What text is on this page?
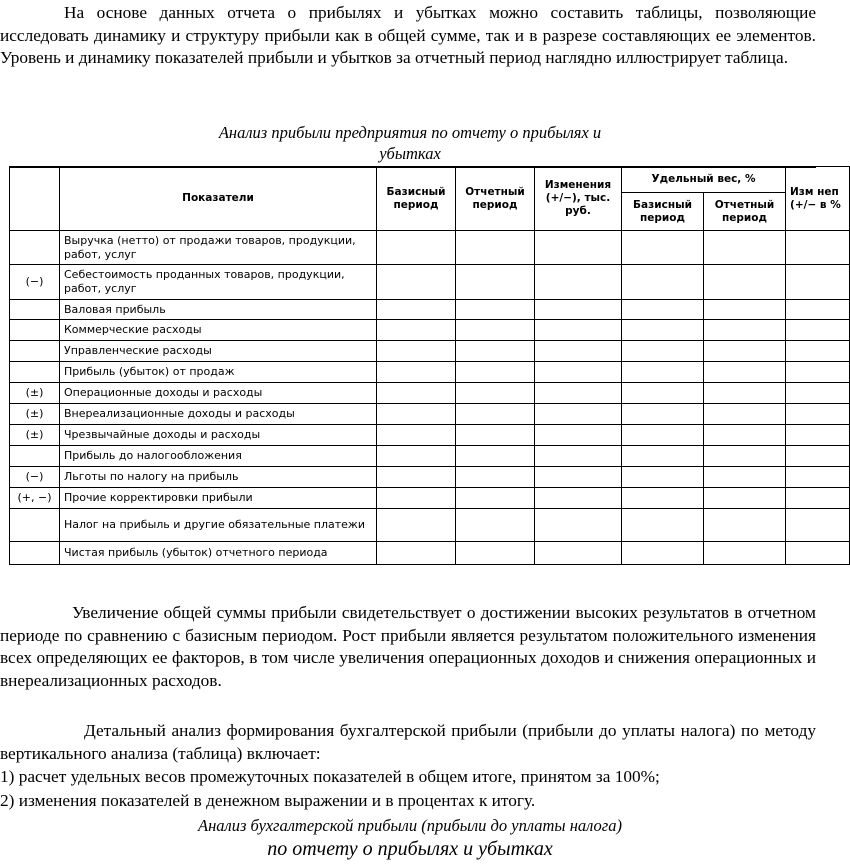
На основе данных отчета о прибылях и убытках можно составить таблицы, позволяющие исследовать динамику и структуру прибыли как в общей сумме, так и в разрезе составляющих ее элементов. Уровень и динамику показателей прибыли и убытков за отчетный период наглядно иллюстрирует таблица.

Анализ прибыли предприятия по отчету о прибылях и
убытках
	Показатели	Базисный период	Отчетный период	Изменения (+/−), тыс. руб.	Удельный вес, %		Изм неп (+/− в %
					Базисный период	Отчетный период	
	Выручка (нетто) от продажи товаров, продукции, работ, услуг						
(−)	Себестоимость проданных товаров, продукции, работ, услуг						
	Валовая прибыль						
	Коммерческие расходы						
	Управленческие расходы						
	Прибыль (убыток) от продаж						
(±)	Операционные доходы и расходы						
(±)	Внереализационные доходы и расходы						
(±)	Чрезвычайные доходы и расходы						
	Прибыль до налогообложения						
(−)	Льготы по налогу на прибыль						
(+, −)	Прочие корректировки прибыли						
	Налог на прибыль и другие обязательные платежи						
	Чистая прибыль (убыток) отчетного периода						

Увеличение общей суммы прибыли свидетельствует о достижении высоких результатов в отчетном периоде по сравнению с базисным периодом. Рост прибыли является результатом положительного изменения всех определяющих ее факторов, в том числе увеличения операционных доходов и снижения операционных и внереализационных расходов.

Детальный анализ формирования бухгалтерской прибыли (прибыли до уплаты налога) по методу вертикального анализа (таблица) включает:

1) расчет удельных весов промежуточных показателей в общем итоге, принятом за 100%;

2) изменения показателей в денежном выражении и в процентах к итогу.

Анализ бухгалтерской прибыли (прибыли до уплаты налога)
по отчету о прибылях и убытках
